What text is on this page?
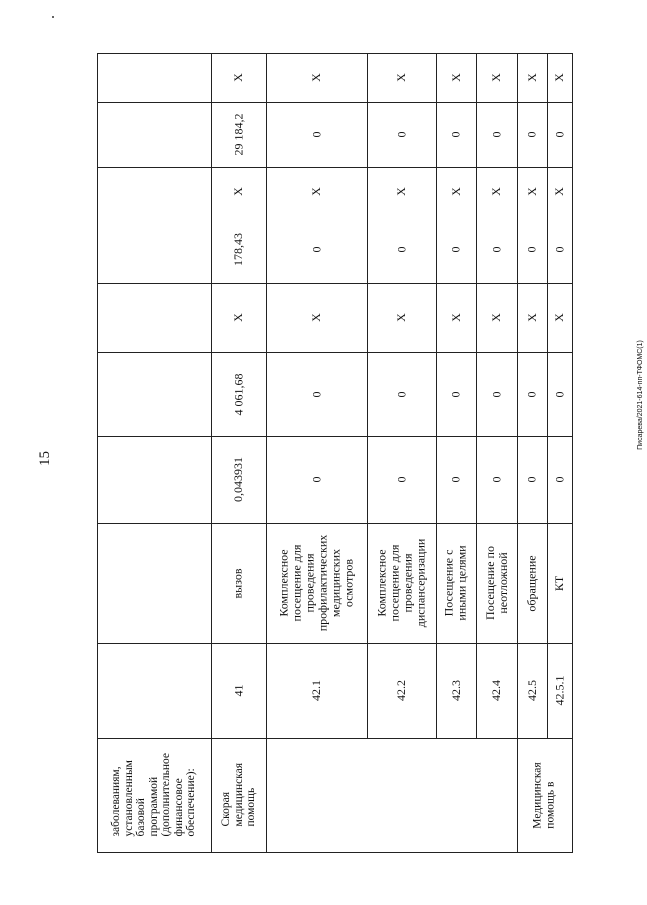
15
Писарева/2021-614-пп-ТФОМС(1)
заболеваниям,
установленным
базовой
программой
(дополнительное
финансовое
обеспечение): Скорая
медицинская
помощь	Медицинская
помощь в
41
вызов
0,043931
4 061,68
X
178,43
X
29 184,2
X
42.1
Комплексное
посещение для
проведения
профилактических
медицинских
осмотров
0
0
X
0
X
0
X
42.2
Комплексное
посещение для
проведения
диспансеризации
0
0
X
0
X
0
X
42.3
Посещение с
иными целями
0
0
X
0
X
0
X
42.4
Посещение по
неотложной
0
0
X
0
X
0
X
42.5
обращение
0
0
X
0
X
0
X
42.5.1
КТ
0
0
X
0
X
0
X
